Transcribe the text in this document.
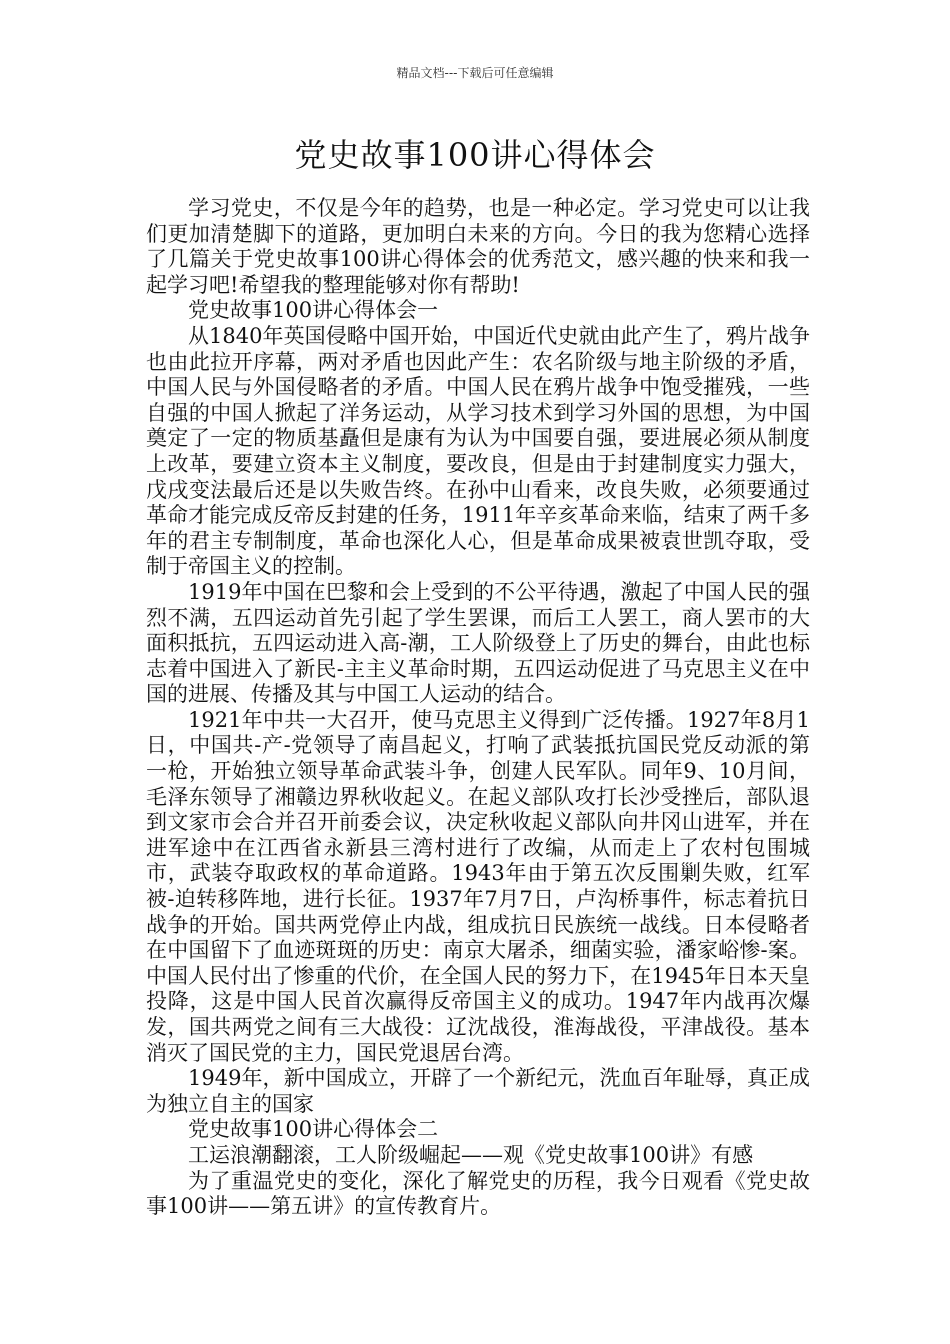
精品文档---下载后可任意编辑
党史故事100讲心得体会

学习党史，不仅是今年的趋势，也是一种必定。学习党史可以让我们更加清楚脚下的道路，更加明白未来的方向。今日的我为您精心选择了几篇关于党史故事100讲心得体会的优秀范文，感兴趣的快来和我一起学习吧!希望我的整理能够对你有帮助!

党史故事100讲心得体会一

从1840年英国侵略中国开始，中国近代史就由此产生了，鸦片战争也由此拉开序幕，两对矛盾也因此产生：农名阶级与地主阶级的矛盾，中国人民与外国侵略者的矛盾。中国人民在鸦片战争中饱受摧残，一些自强的中国人掀起了洋务运动，从学习技术到学习外国的思想，为中国奠定了一定的物质基矗但是康有为认为中国要自强，要进展必须从制度上改革，要建立资本主义制度，要改良，但是由于封建制度实力强大，戊戌变法最后还是以失败告终。在孙中山看来，改良失败，必须要通过革命才能完成反帝反封建的任务，1911年辛亥革命来临，结束了两千多年的君主专制制度，革命也深化人心，但是革命成果被袁世凯夺取，受制于帝国主义的控制。

1919年中国在巴黎和会上受到的不公平待遇，激起了中国人民的强烈不满，五四运动首先引起了学生罢课，而后工人罢工，商人罢市的大面积抵抗，五四运动进入高-潮，工人阶级登上了历史的舞台，由此也标志着中国进入了新民-主主义革命时期，五四运动促进了马克思主义在中国的进展、传播及其与中国工人运动的结合。

1921年中共一大召开，使马克思主义得到广泛传播。1927年8月1日，中国共-产-党领导了南昌起义，打响了武装抵抗国民党反动派的第一枪，开始独立领导革命武装斗争，创建人民军队。同年9、10月间，毛泽东领导了湘赣边界秋收起义。在起义部队攻打长沙受挫后，部队退到文家市会合并召开前委会议，决定秋收起义部队向井冈山进军，并在进军途中在江西省永新县三湾村进行了改编，从而走上了农村包围城市，武装夺取政权的革命道路。1943年由于第五次反围剿失败，红军被-迫转移阵地，进行长征。1937年7月7日，卢沟桥事件，标志着抗日战争的开始。国共两党停止内战，组成抗日民族统一战线。日本侵略者在中国留下了血迹斑斑的历史：南京大屠杀，细菌实验，潘家峪惨-案。中国人民付出了惨重的代价，在全国人民的努力下，在1945年日本天皇投降，这是中国人民首次赢得反帝国主义的成功。1947年内战再次爆发，国共两党之间有三大战役：辽沈战役，淮海战役，平津战役。基本消灭了国民党的主力，国民党退居台湾。

1949年，新中国成立，开辟了一个新纪元，洗血百年耻辱，真正成为独立自主的国家

党史故事100讲心得体会二

工运浪潮翻滚，工人阶级崛起——观《党史故事100讲》有感

为了重温党史的变化，深化了解党史的历程，我今日观看《党史故事100讲——第五讲》的宣传教育片。
